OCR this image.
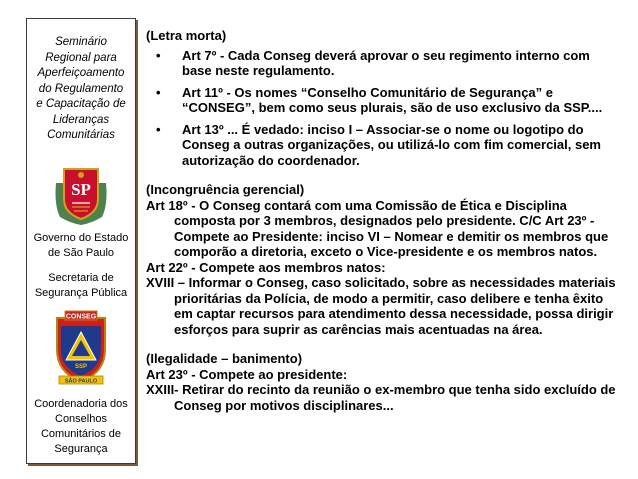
Seminário
Regional para
Aperfeiçoamento
do Regulamento
e Capacitação de
Lideranças
Comunitárias
SP
Governo do Estado
de São Paulo
Secretaria de
Segurança Pública
CONSEG
SSP
SÃO PAULO
Coordenadoria dos
Conselhos
Comunitários de
Segurança

(Letra morta)

• Art 7º - Cada Conseg deverá aprovar o seu regimento interno com base neste regulamento.
• Art 11º - Os nomes “Conselho Comunitário de Segurança” e “CONSEG”, bem como seus plurais, são de uso exclusivo da SSP....
• Art 13º ... É vedado: inciso I – Associar-se o nome ou logotipo do Conseg a outras organizações, ou utilizá-lo com fim comercial, sem autorização do coordenador.

(Incongruência gerencial)

Art 18º - O Conseg contará com uma Comissão de Ética e Disciplina composta por 3 membros, designados pelo presidente. C/C Art 23º - Compete ao Presidente: inciso VI – Nomear e demitir os membros que comporão a diretoria, exceto o Vice-presidente e os membros natos.

Art 22º - Compete aos membros natos:

XVIII – Informar o Conseg, caso solicitado, sobre as necessidades materiais prioritárias da Polícia, de modo a permitir, caso delibere e tenha êxito em captar recursos para atendimento dessa necessidade, possa dirigir esforços para suprir as carências mais acentuadas na área.

(Ilegalidade – banimento)

Art 23º - Compete ao presidente:

XXIII- Retirar do recinto da reunião o ex-membro que tenha sido excluído de Conseg por motivos disciplinares...
